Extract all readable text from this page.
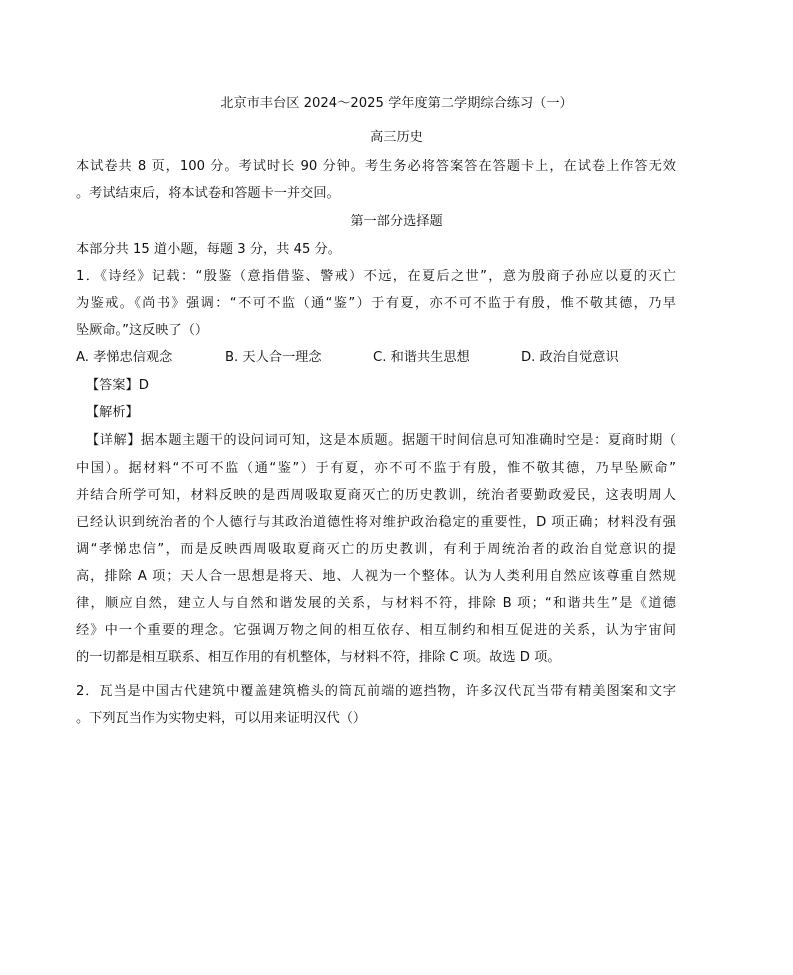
北京市丰台区 2024～2025 学年度第二学期综合练习（一）
高三历史
本试卷共 8 页，100 分。考试时长 90 分钟。考生务必将答案答在答题卡上，在试卷上作答无效
。考试结束后，将本试卷和答题卡一并交回。
第一部分选择题
本部分共 15 道小题，每题 3 分，共 45 分。
1．《诗经》记载：“殷鉴（意指借鉴、警戒）不远，在夏后之世”，意为殷商子孙应以夏的灭亡
为鉴戒。《尚书》强调：“不可不监（通“鉴”）于有夏，亦不可不监于有殷，惟不敬其德，乃早
坠厥命。”这反映了（）
A. 孝悌忠信观念	B. 天人合一理念	C. 和谐共生思想	D. 政治自觉意识
【答案】D
【解析】
【详解】据本题主题干的设问词可知，这是本质题。据题干时间信息可知准确时空是：夏商时期（
中国）。据材料“不可不监（通“鉴”）于有夏，亦不可不监于有殷，惟不敬其德，乃早坠厥命”
并结合所学可知，材料反映的是西周吸取夏商灭亡的历史教训，统治者要勤政爱民，这表明周人
已经认识到统治者的个人德行与其政治道德性将对维护政治稳定的重要性，D 项正确；材料没有强
调“孝悌忠信”，而是反映西周吸取夏商灭亡的历史教训，有利于周统治者的政治自觉意识的提
高，排除 A 项；天人合一思想是将天、地、人视为一个整体。认为人类利用自然应该尊重自然规
律，顺应自然，建立人与自然和谐发展的关系，与材料不符，排除 B 项；“和谐共生”是《道德
经》中一个重要的理念。它强调万物之间的相互依存、相互制约和相互促进的关系，认为宇宙间
的一切都是相互联系、相互作用的有机整体，与材料不符，排除 C 项。故选 D 项。
2．瓦当是中国古代建筑中覆盖建筑檐头的筒瓦前端的遮挡物，许多汉代瓦当带有精美图案和文字
。下列瓦当作为实物史料，可以用来证明汉代（）
